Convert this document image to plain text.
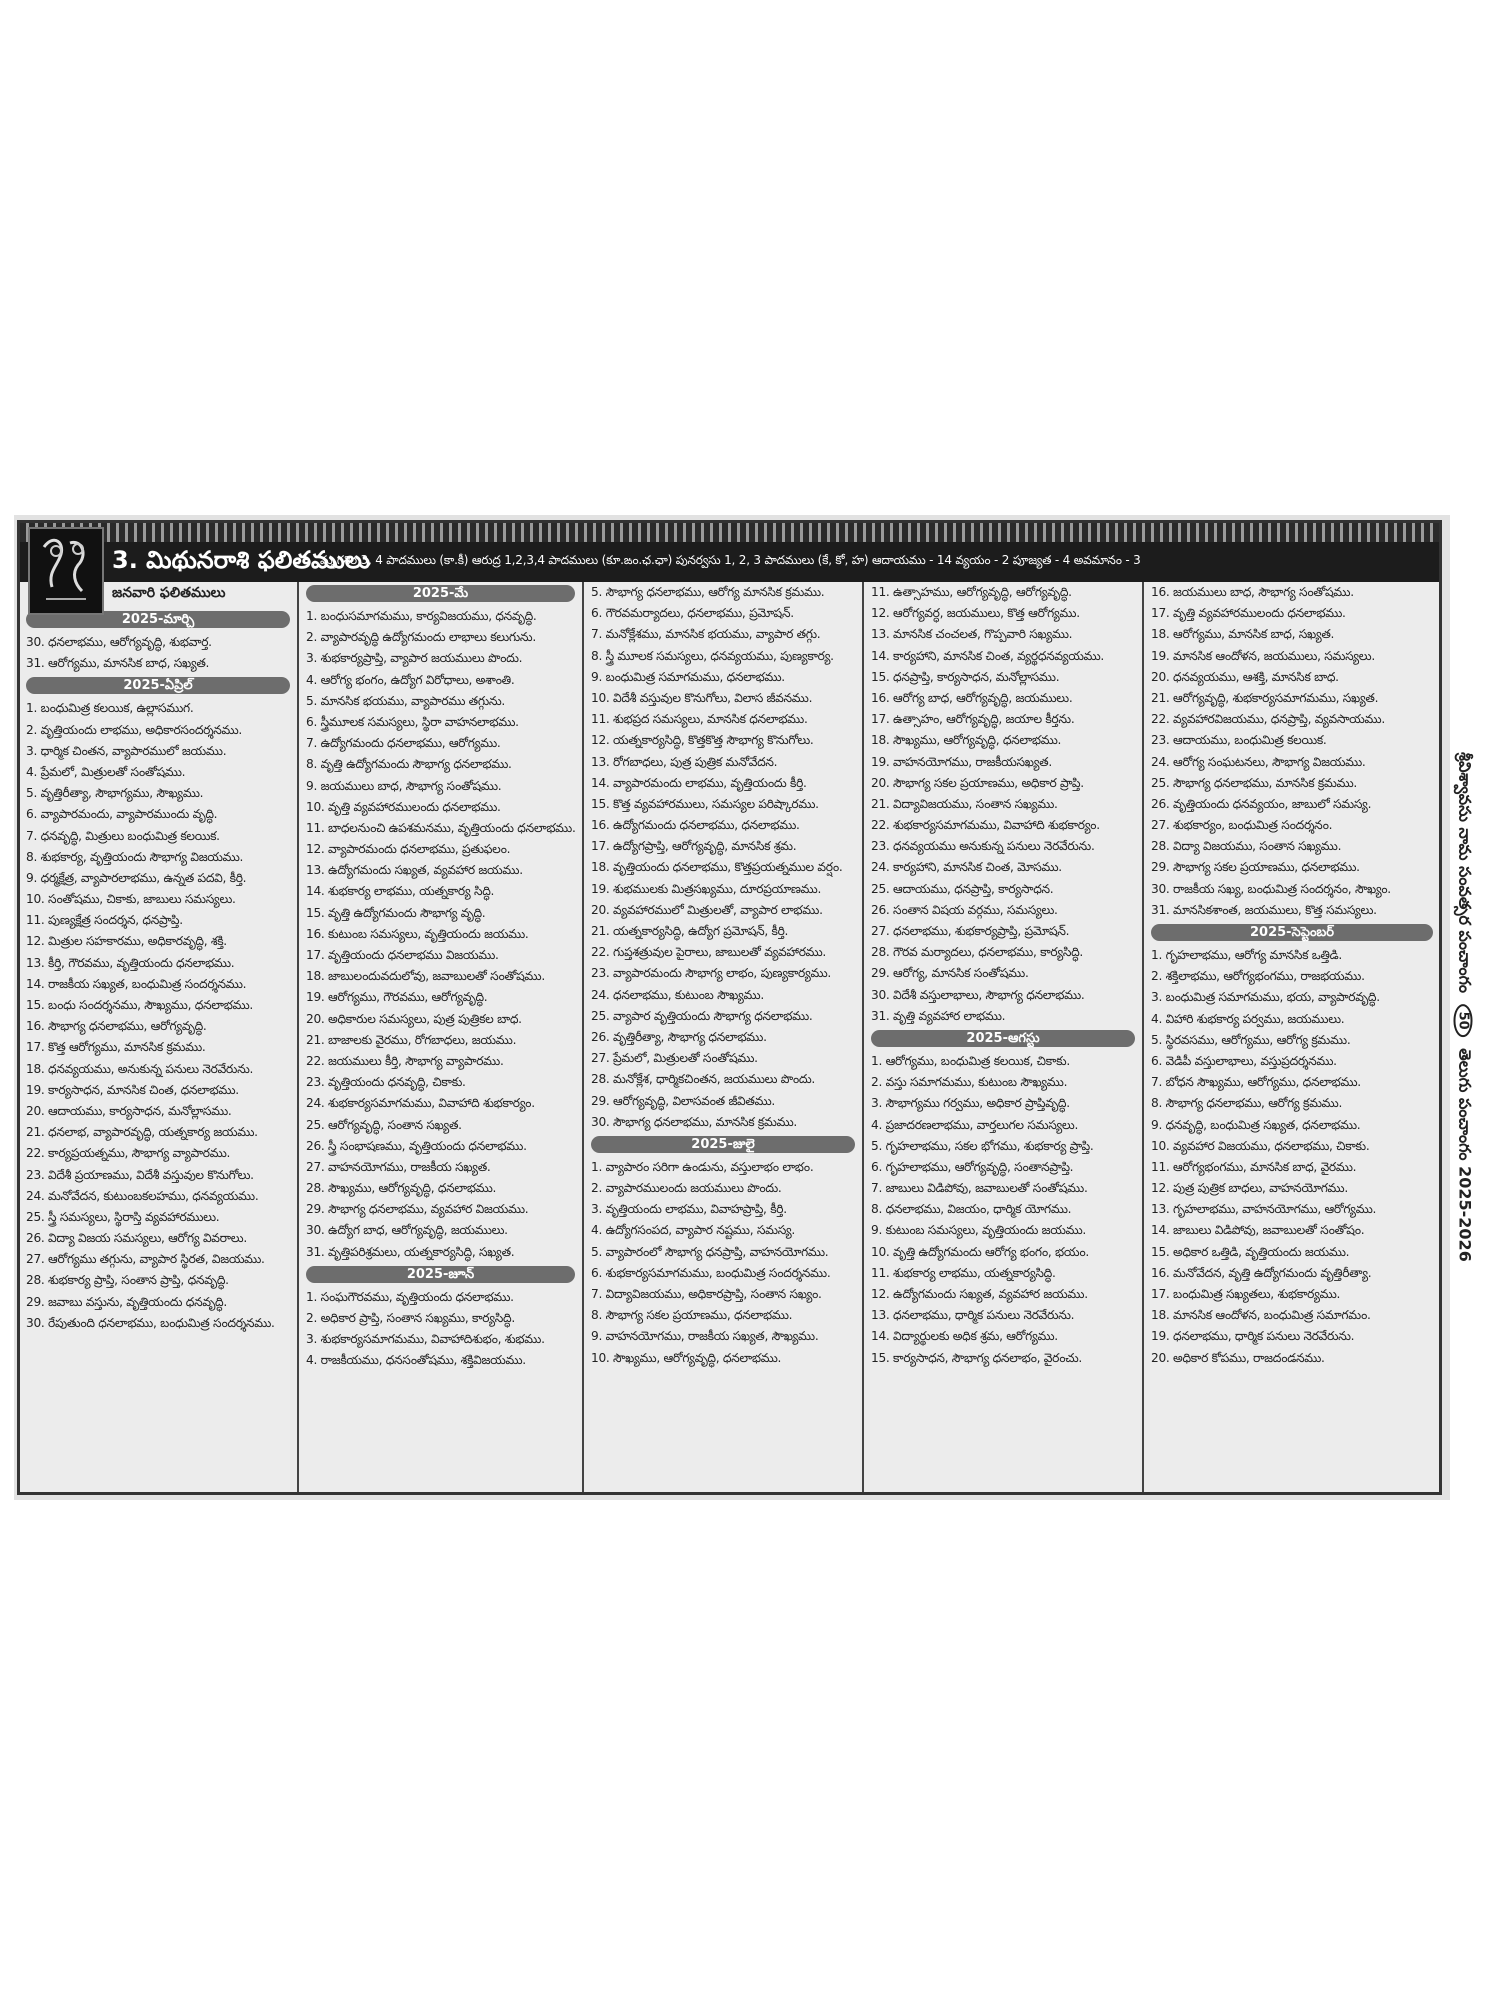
3. మిథునరాశి ఫలితములు
మృగశిర 3, 4 పాదములు (కా.కీ) ఆరుద్ర 1,2,3,4 పాదములు (కూ.ఙం.ఛ.ఛా) పునర్వసు 1, 2, 3 పాదములు (కే, కో, హ) ఆదాయము - 14 వ్యయం - 2 పూజ్యత - 4 అవమానం - 3
జనవారి ఫలితములు
2025-మార్చి
30. ధనలాభము, ఆరోగ్యవృద్ధి, శుభవార్త.
31. ఆరోగ్యము, మానసిక బాధ, సఖ్యత.
2025-ఏప్రిల్
1. బంధుమిత్ర కలయిక, ఉల్లాసముగ.
2. వృత్తియందు లాభము, అధికారసందర్శనము.
3. ధార్మిక చింతన, వ్యాపారములో జయము.
4. ప్రేమలో, మిత్రులతో సంతోషము.
5. వృత్తిరీత్యా, సౌభాగ్యము, సౌఖ్యము.
6. వ్యాపారమందు, వ్యాపారముందు వృద్ధి.
7. ధనవృద్ధి, మిత్రులు బంధుమిత్ర కలయిక.
8. శుభకార్య, వృత్తియందు సౌభాగ్య విజయము.
9. ధర్మక్షేత్ర, వ్యాపారలాభము, ఉన్నత పదవి, కీర్తి.
10. సంతోషము, చికాకు, జాబులు సమస్యలు.
11. పుణ్యక్షేత్ర సందర్శన, ధనప్రాప్తి.
12. మిత్రుల సహకారము, అధికారవృద్ధి, శక్తి.
13. కీర్తి, గౌరవము, వృత్తియందు ధనలాభము.
14. రాజకీయ సఖ్యత, బంధుమిత్ర సందర్శనము.
15. బంధు సందర్శనము, సౌఖ్యము, ధనలాభము.
16. సౌభాగ్య ధనలాభము, ఆరోగ్యవృద్ధి.
17. కొత్త ఆరోగ్యము, మానసిక క్రమము.
18. ధనవ్యయము, అనుకున్న పనులు నెరవేరును.
19. కార్యసాధన, మానసిక చింత, ధనలాభము.
20. ఆదాయము, కార్యసాధన, మనోల్లాసము.
21. ధనలాభ, వ్యాపారవృద్ధి, యత్నకార్య జయము.
22. కార్యప్రయత్నము, సౌభాగ్య వ్యాపారము.
23. విదేశీ ప్రయాణము, విదేశీ వస్తువుల కొనుగోలు.
24. మనోవేదన, కుటుంబకలహము, ధనవ్యయము.
25. స్త్రీ సమస్యలు, స్థిరాస్తి వ్యవహారములు.
26. విద్యా విజయ సమస్యలు, ఆరోగ్య వివరాలు.
27. ఆరోగ్యము తగ్గును, వ్యాపార స్థిరత, విజయము.
28. శుభకార్య ప్రాప్తి, సంతాన ప్రాప్తి, ధనవృద్ధి.
29. జవాబు వస్తును, వృత్తియందు ధనవృద్ధి.
30. రేపుతుంది ధనలాభము, బంధుమిత్ర సందర్శనము.
2025-మే
1. బంధుసమాగమము, కార్యవిజయము, ధనవృద్ధి.
2. వ్యాపారవృద్ధి ఉద్యోగమందు లాభాలు కలుగును.
3. శుభకార్యప్రాప్తి, వ్యాపార జయములు పొందు.
4. ఆరోగ్య భంగం, ఉద్యోగ విరోధాలు, అశాంతి.
5. మానసిక భయము, వ్యాపారము తగ్గును.
6. స్త్రీమూలక సమస్యలు, స్థిరా వాహనలాభము.
7. ఉద్యోగమందు ధనలాభము, ఆరోగ్యము.
8. వృత్తి ఉద్యోగమందు సౌభాగ్య ధనలాభము.
9. జయములు బాధ, సౌభాగ్య సంతోషము.
10. వృత్తి వ్యవహారములందు ధనలాభము.
11. బాధలనుంచి ఉపశమనము, వృత్తియందు ధనలాభము.
12. వ్యాపారమందు ధనలాభము, ప్రతుఫలం.
13. ఉద్యోగమందు సఖ్యత, వ్యవహార జయము.
14. శుభకార్య లాభము, యత్నకార్య సిద్ధి.
15. వృత్తి ఉద్యోగమందు సౌభాగ్య వృద్ధి.
16. కుటుంబ సమస్యలు, వృత్తియందు జయము.
17. వృత్తియందు ధనలాభము విజయము.
18. జాబులందువదులోవు, జవాబులతో సంతోషము.
19. ఆరోగ్యము, గౌరవము, ఆరోగ్యవృద్ధి.
20. అధికారుల సమస్యలు, పుత్ర పుత్రికల బాధ.
21. బాజాలకు వైరము, రోగబాధలు, జయము.
22. జయములు కీర్తి, సౌభాగ్య వ్యాపారము.
23. వృత్తియందు ధనవృద్ధి, చికాకు.
24. శుభకార్యసమాగమము, వివాహాది శుభకార్యం.
25. ఆరోగ్యవృద్ధి, సంతాన సఖ్యత.
26. స్త్రీ సంభాషణము, వృత్తియందు ధనలాభము.
27. వాహనయోగము, రాజకీయ సఖ్యత.
28. సౌఖ్యము, ఆరోగ్యవృద్ధి, ధనలాభము.
29. సౌభాగ్య ధనలాభము, వ్యవహార విజయము.
30. ఉద్యోగ బాధ, ఆరోగ్యవృద్ధి, జయములు.
31. వృత్తిపరిశ్రమలు, యత్నకార్యసిద్ధి, సఖ్యత.
2025-జూన్
1. సంఘగౌరవము, వృత్తియందు ధనలాభము.
2. అధికార ప్రాప్తి, సంతాన సఖ్యము, కార్యసిద్ధి.
3. శుభకార్యసమాగమము, వివాహాదిశుభం, శుభము.
4. రాజకీయము, ధనసంతోషము, శక్తివిజయము.
5. సౌభాగ్య ధనలాభము, ఆరోగ్య మానసిక క్రమము.
6. గౌరవమర్యాదలు, ధనలాభము, ప్రమోషన్.
7. మనోక్లేశము, మానసిక భయము, వ్యాపార తగ్గు.
8. స్త్రీ మూలక సమస్యలు, ధనవ్యయము, పుణ్యకార్య.
9. బంధుమిత్ర సమాగమము, ధనలాభము.
10. విదేశీ వస్తువుల కొనుగోలు, విలాస జీవనము.
11. శుభప్రద సమస్యలు, మానసిక ధనలాభము.
12. యత్నకార్యసిద్ధి, కొత్తకొత్త సౌభాగ్య కొనుగోలు.
13. రోగబాధలు, పుత్ర పుత్రిక మనోవేదన.
14. వ్యాపారమందు లాభము, వృత్తియందు కీర్తి.
15. కొత్త వ్యవహారములు, సమస్యల పరిష్కారము.
16. ఉద్యోగమందు ధనలాభము, ధనలాభము.
17. ఉద్యోగప్రాప్తి, ఆరోగ్యవృద్ధి, మానసిక శ్రమ.
18. వృత్తియందు ధనలాభము, కొత్తప్రయత్నముల వర్షం.
19. శుభములకు మిత్రసఖ్యము, దూరప్రయాణము.
20. వ్యవహారములో మిత్రులతో, వ్యాపార లాభము.
21. యత్నకార్యసిద్ధి, ఉద్యోగ ప్రమోషన్, కీర్తి.
22. గుప్తశత్రువుల పైరాలు, జాబులతో వ్యవహారము.
23. వ్యాపారమందు సౌభాగ్య లాభం, పుణ్యకార్యము.
24. ధనలాభము, కుటుంబ సౌఖ్యము.
25. వ్యాపార వృత్తియందు సౌభాగ్య ధనలాభము.
26. వృత్తిరీత్యా, సౌభాగ్య ధనలాభము.
27. ప్రేమలో, మిత్రులతో సంతోషము.
28. మనోక్లేశ, ధార్మికచింతన, జయములు పొందు.
29. ఆరోగ్యవృద్ధి, విలాసవంత జీవితము.
30. సౌభాగ్య ధనలాభము, మానసిక క్రమము.
2025-జులై
1. వ్యాపారం సరిగా ఉండును, వస్తులాభం లాభం.
2. వ్యాపారములందు జయములు పొందు.
3. వృత్తియందు లాభము, వివాహప్రాప్తి, కీర్తి.
4. ఉద్యోగసంపద, వ్యాపార నష్టము, సమస్య.
5. వ్యాపారంలో సౌభాగ్య ధనప్రాప్తి, వాహనయోగము.
6. శుభకార్యసమాగమము, బంధుమిత్ర సందర్శనము.
7. విద్యావిజయము, అధికారప్రాప్తి, సంతాన సఖ్యం.
8. సౌభాగ్య సకల ప్రయాణము, ధనలాభము.
9. వాహనయోగము, రాజకీయ సఖ్యత, సౌఖ్యము.
10. సౌఖ్యము, ఆరోగ్యవృద్ధి, ధనలాభము.
11. ఉత్సాహము, ఆరోగ్యవృద్ధి, ఆరోగ్యవృద్ధి.
12. ఆరోగ్యవర్ధ, జయములు, కొత్త ఆరోగ్యము.
13. మానసిక చంచలత, గొప్పవారి సఖ్యము.
14. కార్యహాని, మానసిక చింత, వ్యర్థధనవ్యయము.
15. ధనప్రాప్తి, కార్యసాధన, మనోల్లాసము.
16. ఆరోగ్య బాధ, ఆరోగ్యవృద్ధి, జయములు.
17. ఉత్సాహం, ఆరోగ్యవృద్ధి, జయాల కీర్తను.
18. సౌఖ్యము, ఆరోగ్యవృద్ధి, ధనలాభము.
19. వాహనయోగము, రాజకీయసఖ్యత.
20. సౌభాగ్య సకల ప్రయాణము, అధికార ప్రాప్తి.
21. విద్యావిజయము, సంతాన సఖ్యము.
22. శుభకార్యసమాగమము, వివాహాది శుభకార్యం.
23. ధనవ్యయము అనుకున్న పనులు నెరవేరును.
24. కార్యహాని, మానసిక చింత, మోసము.
25. ఆదాయము, ధనప్రాప్తి, కార్యసాధన.
26. సంతాన విషయ వర్గము, సమస్యలు.
27. ధనలాభము, శుభకార్యప్రాప్తి, ప్రమోషన్.
28. గౌరవ మర్యాదలు, ధనలాభము, కార్యసిద్ధి.
29. ఆరోగ్య, మానసిక సంతోషము.
30. విదేశీ వస్తులాభాలు, సౌభాగ్య ధనలాభము.
31. వృత్తి వ్యవహార లాభము.
2025-ఆగస్టు
1. ఆరోగ్యము, బంధుమిత్ర కలయిక, చికాకు.
2. వస్తు సమాగమము, కుటుంబ సౌఖ్యము.
3. సౌభాగ్యము గర్వము, అధికార ప్రాప్తివృద్ధి.
4. ప్రజాదరణలాభము, వార్తలుగల సమస్యలు.
5. గృహలాభము, సకల భోగము, శుభకార్య ప్రాప్తి.
6. గృహలాభము, ఆరోగ్యవృద్ధి, సంతానప్రాప్తి.
7. జాబులు విడిపోవు, జవాబులతో సంతోషము.
8. ధనలాభము, విజయం, ధార్మిక యోగము.
9. కుటుంబ సమస్యలు, వృత్తియందు జయము.
10. వృత్తి ఉద్యోగమందు ఆరోగ్య భంగం, భయం.
11. శుభకార్య లాభము, యత్నకార్యసిద్ధి.
12. ఉద్యోగమందు సఖ్యత, వ్యవహార జయము.
13. ధనలాభము, ధార్మిక పనులు నెరవేరును.
14. విద్యార్థులకు అధిక శ్రమ, ఆరోగ్యము.
15. కార్యసాధన, సౌభాగ్య ధనలాభం, వైరంచు.
16. జయములు బాధ, సౌభాగ్య సంతోషము.
17. వృత్తి వ్యవహారములందు ధనలాభము.
18. ఆరోగ్యము, మానసిక బాధ, సఖ్యత.
19. మానసిక ఆందోళన, జయములు, సమస్యలు.
20. ధనవ్యయము, ఆశక్తి, మానసిక బాధ.
21. ఆరోగ్యవృద్ధి, శుభకార్యసమాగమము, సఖ్యత.
22. వ్యవహారవిజయము, ధనప్రాప్తి, వ్యవసాయము.
23. ఆదాయము, బంధుమిత్ర కలయిక.
24. ఆరోగ్య సంఘటనలు, సౌభాగ్య విజయము.
25. సౌభాగ్య ధనలాభము, మానసిక క్రమము.
26. వృత్తియందు ధనవ్యయం, జాబులో సమస్య.
27. శుభకార్యం, బంధుమిత్ర సందర్శనం.
28. విద్యా విజయము, సంతాన సఖ్యము.
29. సౌభాగ్య సకల ప్రయాణము, ధనలాభము.
30. రాజకీయ సఖ్య, బంధుమిత్ర సందర్శనం, సౌఖ్యం.
31. మానసికశాంత, జయములు, కొత్త సమస్యలు.
2025-సెప్టెంబర్
1. గృహలాభము, ఆరోగ్య మానసిక ఒత్తిడి.
2. శక్తిలాభము, ఆరోగ్యభంగము, రాజభయము.
3. బంధుమిత్ర సమాగమము, భయ, వ్యాపారవృద్ధి.
4. విహారి శుభకార్య పర్వము, జయములు.
5. స్థిరవసము, ఆరోగ్యము, ఆరోగ్య క్రమము.
6. వెడిపీ వస్తులాభాలు, వస్తుప్రదర్శనము.
7. బోధన సౌఖ్యము, ఆరోగ్యము, ధనలాభము.
8. సౌభాగ్య ధనలాభము, ఆరోగ్య క్రమము.
9. ధనవృద్ధి, బంధుమిత్ర సఖ్యత, ధనలాభము.
10. వ్యవహార విజయము, ధనలాభము, చికాకు.
11. ఆరోగ్యభంగము, మానసిక బాధ, వైరము.
12. పుత్ర పుత్రిక బాధలు, వాహనయోగము.
13. గృహలాభము, వాహనయోగము, ఆరోగ్యము.
14. జాబులు విడిపోవు, జవాబులతో సంతోషం.
15. అధికార ఒత్తిడి, వృత్తియందు జయము.
16. మనోవేదన, వృత్తి ఉద్యోగమందు వృత్తిరీత్యా.
17. బంధుమిత్ర సఖ్యతలు, శుభకార్యము.
18. మానసిక ఆందోళన, బంధుమిత్ర సమాగమం.
19. ధనలాభము, ధార్మిక పనులు నెరవేరును.
20. అధికార కోపము, రాజదండనము.
శ్రీవిశ్వావసు నామ సంవత్సర పంచాంగం 50 తెలుగు పంచాంగం 2025-2026
